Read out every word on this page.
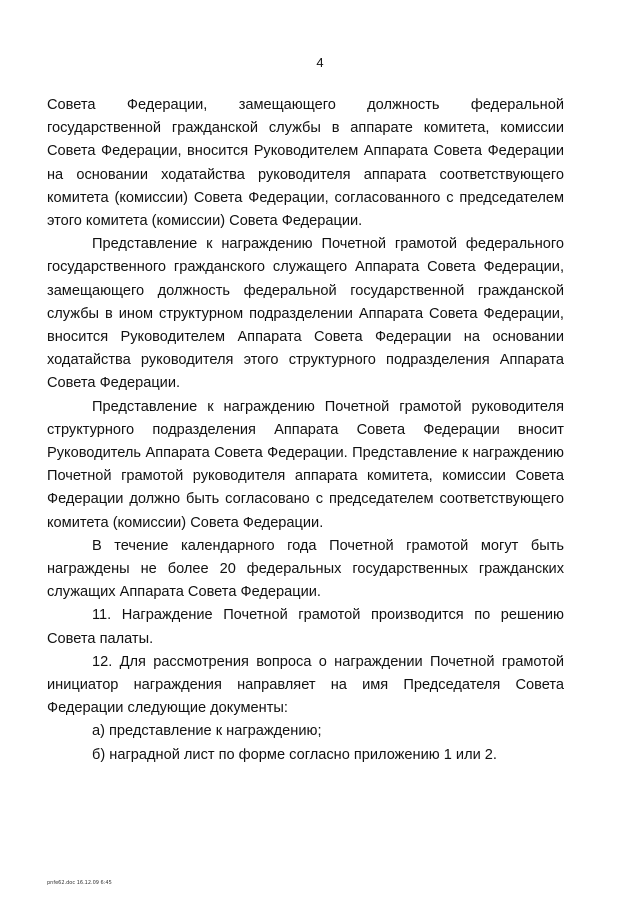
4

Совета Федерации, замещающего должность федеральной государственной гражданской службы в аппарате комитета, комиссии Совета Федерации, вносится Руководителем Аппарата Совета Федерации на основании ходатайства руководителя аппарата соответствующего комитета (комиссии) Совета Федерации, согласованного с председателем этого комитета (комиссии) Совета Федерации.

Представление к награждению Почетной грамотой федерального государственного гражданского служащего Аппарата Совета Федерации, замещающего должность федеральной государственной гражданской службы в ином структурном подразделении Аппарата Совета Федерации, вносится Руководителем Аппарата Совета Федерации на основании ходатайства руководителя этого структурного подразделения Аппарата Совета Федерации.

Представление к награждению Почетной грамотой руководителя структурного подразделения Аппарата Совета Федерации вносит Руководитель Аппарата Совета Федерации. Представление к награждению Почетной грамотой руководителя аппарата комитета, комиссии Совета Федерации должно быть согласовано с председателем соответствующего комитета (комиссии) Совета Федерации.

В течение календарного года Почетной грамотой могут быть награждены не более 20 федеральных государственных гражданских служащих Аппарата Совета Федерации.

11. Награждение Почетной грамотой производится по решению Совета палаты.

12. Для рассмотрения вопроса о награждении Почетной грамотой инициатор награждения направляет на имя Председателя Совета Федерации следующие документы:

а) представление к награждению;

б) наградной лист по форме согласно приложению 1 или 2.

pnfe62.doc 16.12.09 6:45
